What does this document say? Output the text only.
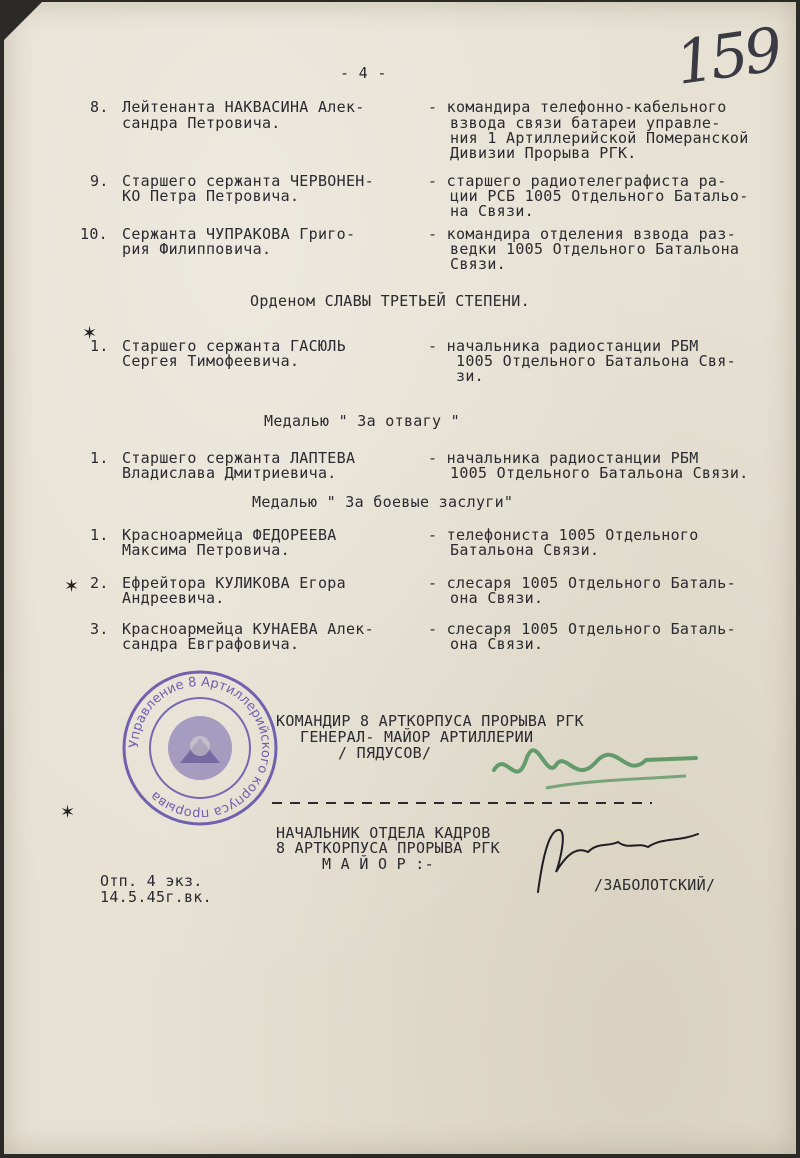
159
- 4 -
8. Лейтенанта НАКВАСИНА Алек-
сандра Петровича.
- командира телефонно-кабельного
взвода связи батареи управле-
ния 1 Артиллерийской Померанской
Дивизии Прорыва РГК.
9. Старшего сержанта ЧЕРВОНЕН-
КО Петра Петровича.
- старшего радиотелеграфиста ра-
ции РСБ 1005 Отдельного Батальо-
на Связи.
10. Сержанта ЧУПРАКОВА Григо-
рия Филипповича.
- командира отделения взвода раз-
ведки 1005 Отдельного Батальона
Связи.
Орденом СЛАВЫ ТРЕТЬЕЙ СТЕПЕНИ.
✶
1. Старшего сержанта ГАСЮЛЬ
Сергея Тимофеевича.
- начальника радиостанции РБМ
1005 Отдельного Батальона Свя-
зи.
Медалью " За отвагу "
1. Старшего сержанта ЛАПТЕВА
Владислава Дмитриевича.
- начальника радиостанции РБМ
1005 Отдельного Батальона Связи.
Медалью " За боевые заслуги"
1. Красноармейца ФЕДОРЕЕВА
Максима Петровича.
- телефониста 1005 Отдельного
Батальона Связи.
✶ 2. Ефрейтора КУЛИКОВА Егора
Андреевича.
- слесаря 1005 Отдельного Баталь-
она Связи.
3. Красноармейца КУНАЕВА Алек-
сандра Евграфовича.
- слесаря 1005 Отдельного Баталь-
она Связи.
Управление 8 Артиллерийского корпуса прорыва
КОМАНДИР 8 АРТКОРПУСА ПРОРЫВА РГК
ГЕНЕРАЛ- МАЙОР АРТИЛЛЕРИИ
/ ПЯДУСОВ/
✶
НАЧАЛЬНИК ОТДЕЛА КАДРОВ
8 АРТКОРПУСА ПРОРЫВА РГК
М А Й О Р :-
/ЗАБОЛОТСКИЙ/
Отп. 4 экз.
14.5.45г.вк.
